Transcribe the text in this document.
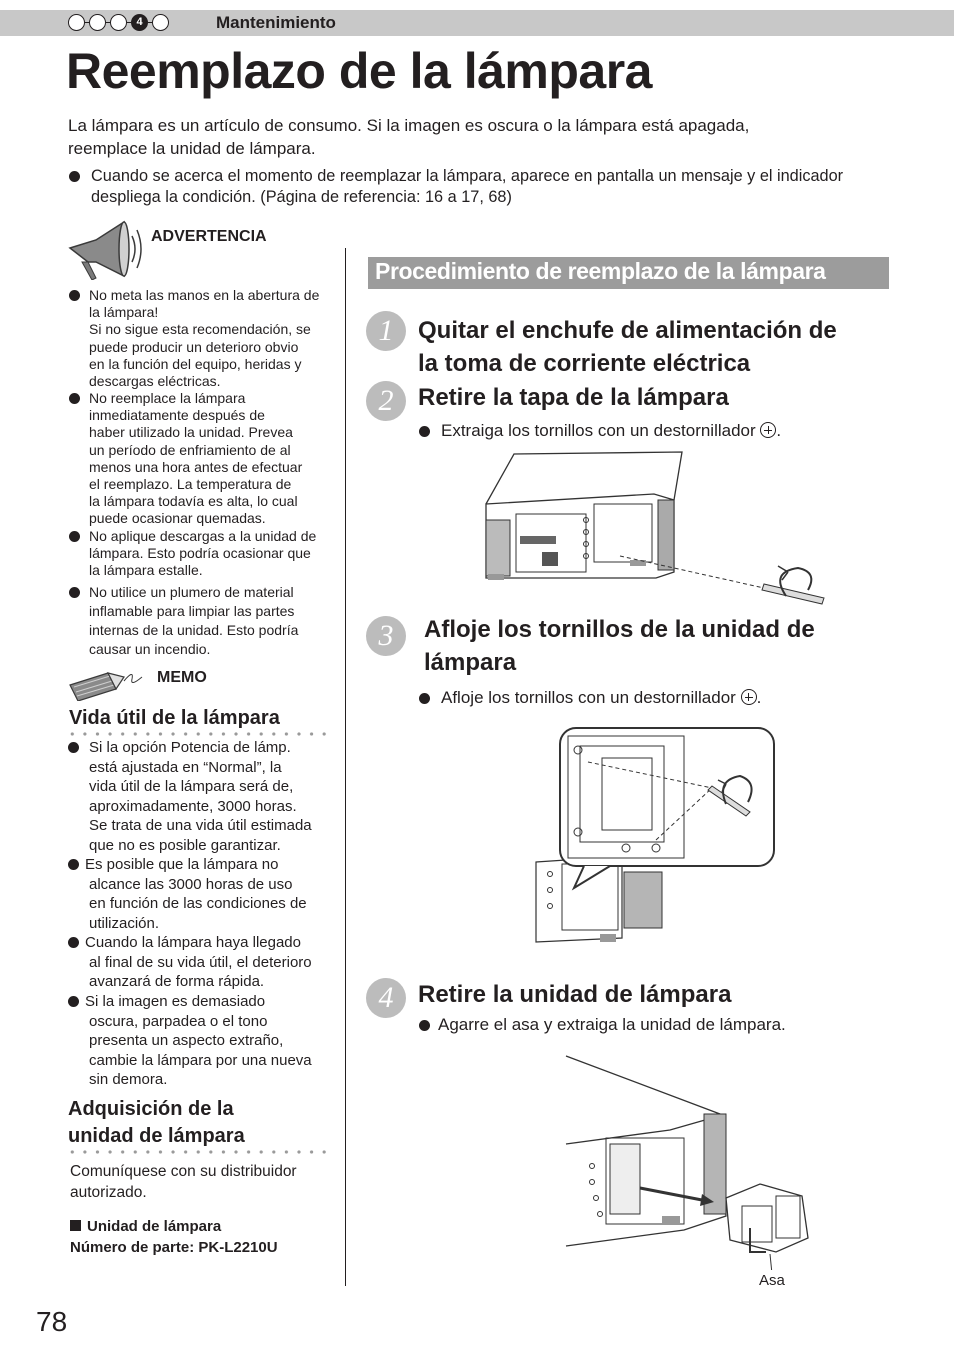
4	Mantenimiento
Reemplazo de la lámpara
La lámpara es un artículo de consumo. Si la imagen es oscura o la lámpara está apagada,
reemplace la unidad de lámpara.
Cuando se acerca el momento de reemplazar la lámpara, aparece en pantalla un mensaje y el indicador
despliega la condición. (Página de referencia: 16 a 17, 68)
ADVERTENCIA
No meta las manos en la abertura de
la lámpara!
Si no sigue esta recomendación, se
puede producir un deterioro obvio
en la función del equipo, heridas y
descargas eléctricas.
No reemplace la lámpara
inmediatamente después de
haber utilizado la unidad. Prevea
un período de enfriamiento de al
menos una hora antes de efectuar
el reemplazo. La temperatura de
la lámpara todavía es alta, lo cual
puede ocasionar quemadas.
No aplique descargas a la unidad de
lámpara. Esto podría ocasionar que
la lámpara estalle.
No utilice un plumero de material
inflamable para limpiar las partes
internas de la unidad. Esto podría
causar un incendio.
MEMO
Vida útil de la lámpara
Si la opción Potencia de lámp.
está ajustada en “Normal”, la
vida útil de la lámpara será de,
aproximadamente, 3000 horas.
Se trata de una vida útil estimada
que no es posible garantizar.
Es posible que la lámpara no
alcance las 3000 horas de uso
en función de las condiciones de
utilización.
Cuando la lámpara haya llegado
al final de su vida útil, el deterioro
avanzará de forma rápida.
Si la imagen es demasiado
oscura, parpadea o el tono
presenta un aspecto extraño,
cambie la lámpara por una nueva
sin demora.
Adquisición de la
unidad de lámpara
Comuníquese con su distribuidor
autorizado.
Unidad de lámpara
Número de parte: PK-L2210U
Procedimiento de reemplazo de la lámpara
1	Quitar el enchufe de alimentación de
la toma de corriente eléctrica
2	Retire la tapa de la lámpara
Extraiga los tornillos con un destornillador .
3	Afloje los tornillos de la unidad de
lámpara
Afloje los tornillos con un destornillador .
4	Retire la unidad de lámpara
Agarre el asa y extraiga la unidad de lámpara.
Asa
78
